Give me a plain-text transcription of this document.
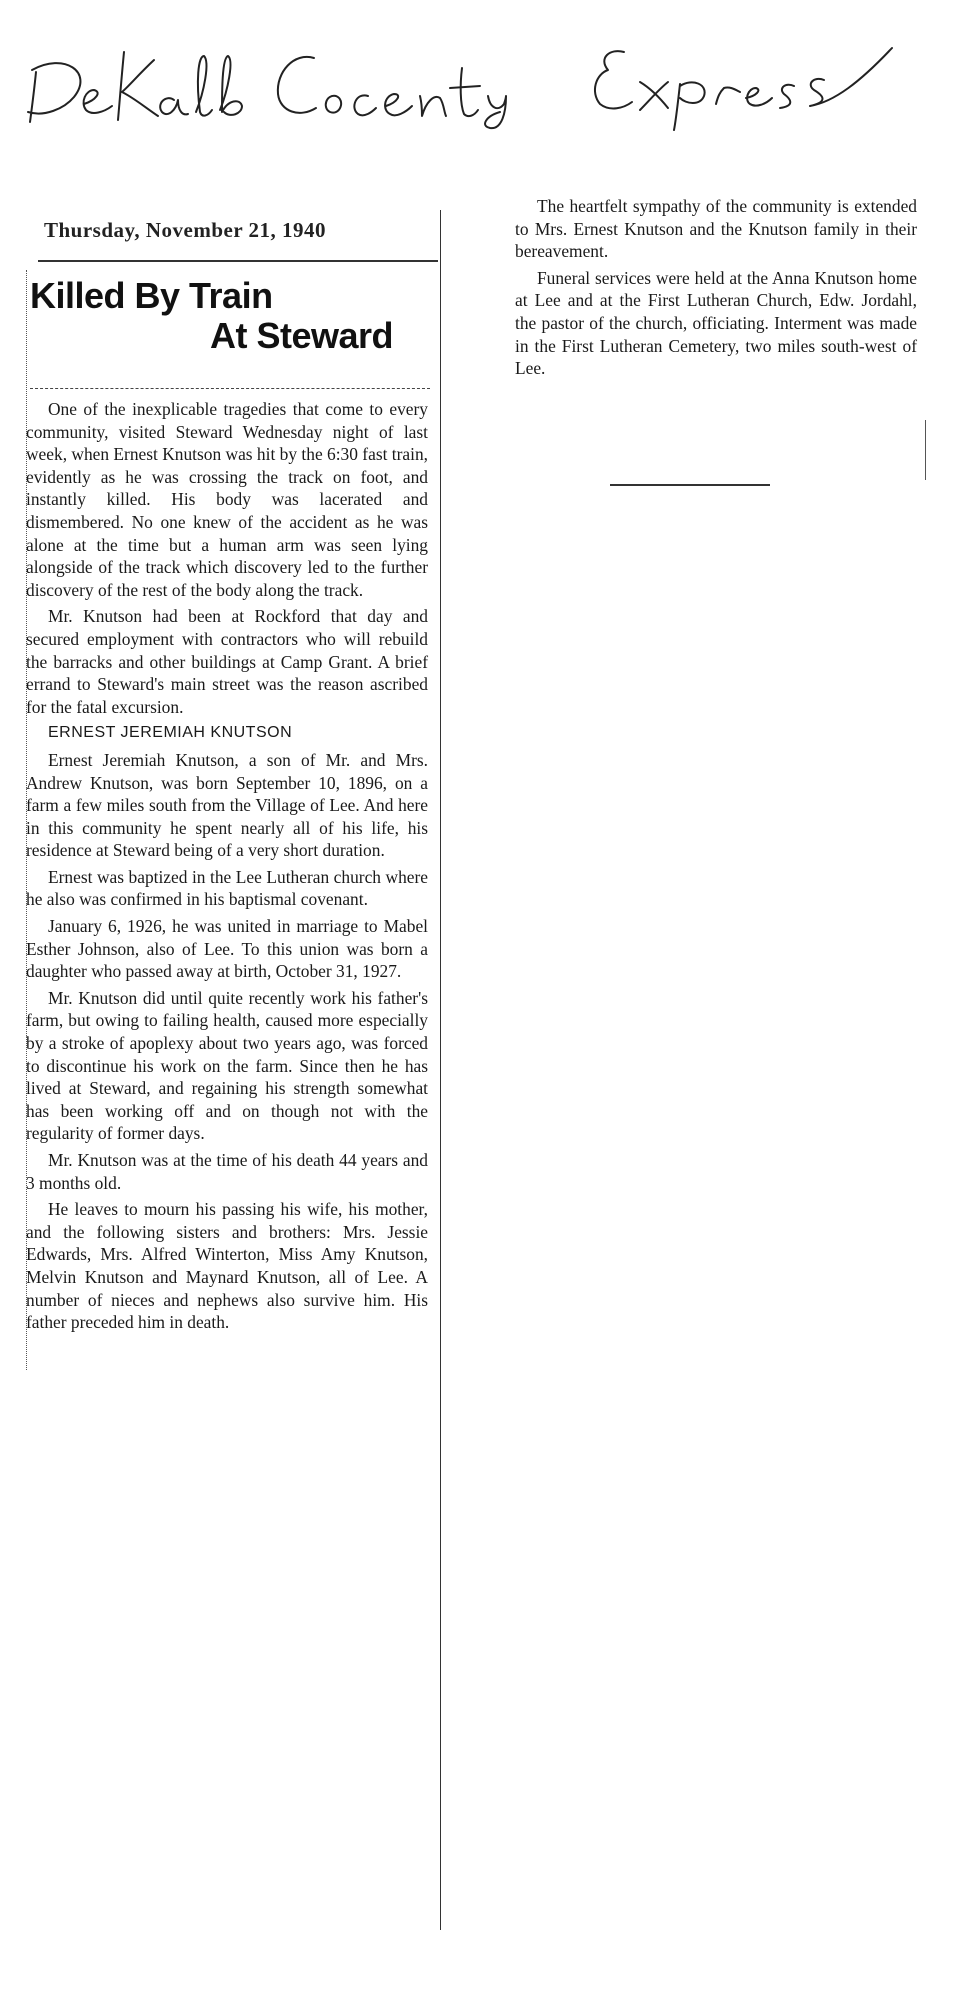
Thursday, November 21, 1940
Killed By Train
At Steward

One of the inexplicable tragedies that come to every community, visited Steward Wednesday night of last week, when Ernest Knutson was hit by the 6:30 fast train, evidently as he was crossing the track on foot, and instantly killed. His body was lacerated and dismembered. No one knew of the accident as he was alone at the time but a human arm was seen lying alongside of the track which discovery led to the further discovery of the rest of the body along the track.

Mr. Knutson had been at Rockford that day and secured employment with contractors who will rebuild the barracks and other buildings at Camp Grant. A brief errand to Steward's main street was the reason ascribed for the fatal excursion.

ERNEST JEREMIAH KNUTSON

Ernest Jeremiah Knutson, a son of Mr. and Mrs. Andrew Knutson, was born September 10, 1896, on a farm a few miles south from the Village of Lee. And here in this community he spent nearly all of his life, his residence at Steward being of a very short duration.

Ernest was baptized in the Lee Lutheran church where he also was confirmed in his baptismal covenant.

January 6, 1926, he was united in marriage to Mabel Esther Johnson, also of Lee. To this union was born a daughter who passed away at birth, October 31, 1927.

Mr. Knutson did until quite recently work his father's farm, but owing to failing health, caused more especially by a stroke of apoplexy about two years ago, was forced to discontinue his work on the farm. Since then he has lived at Steward, and regaining his strength somewhat has been working off and on though not with the regularity of former days.

Mr. Knutson was at the time of his death 44 years and 3 months old.

He leaves to mourn his passing his wife, his mother, and the following sisters and brothers: Mrs. Jessie Edwards, Mrs. Alfred Winterton, Miss Amy Knutson, Melvin Knutson and Maynard Knutson, all of Lee. A number of nieces and nephews also survive him. His father preceded him in death.

The heartfelt sympathy of the community is extended to Mrs. Ernest Knutson and the Knutson family in their bereavement.

Funeral services were held at the Anna Knutson home at Lee and at the First Lutheran Church, Edw. Jordahl, the pastor of the church, officiating. Interment was made in the First Lutheran Cemetery, two miles south-west of Lee.
